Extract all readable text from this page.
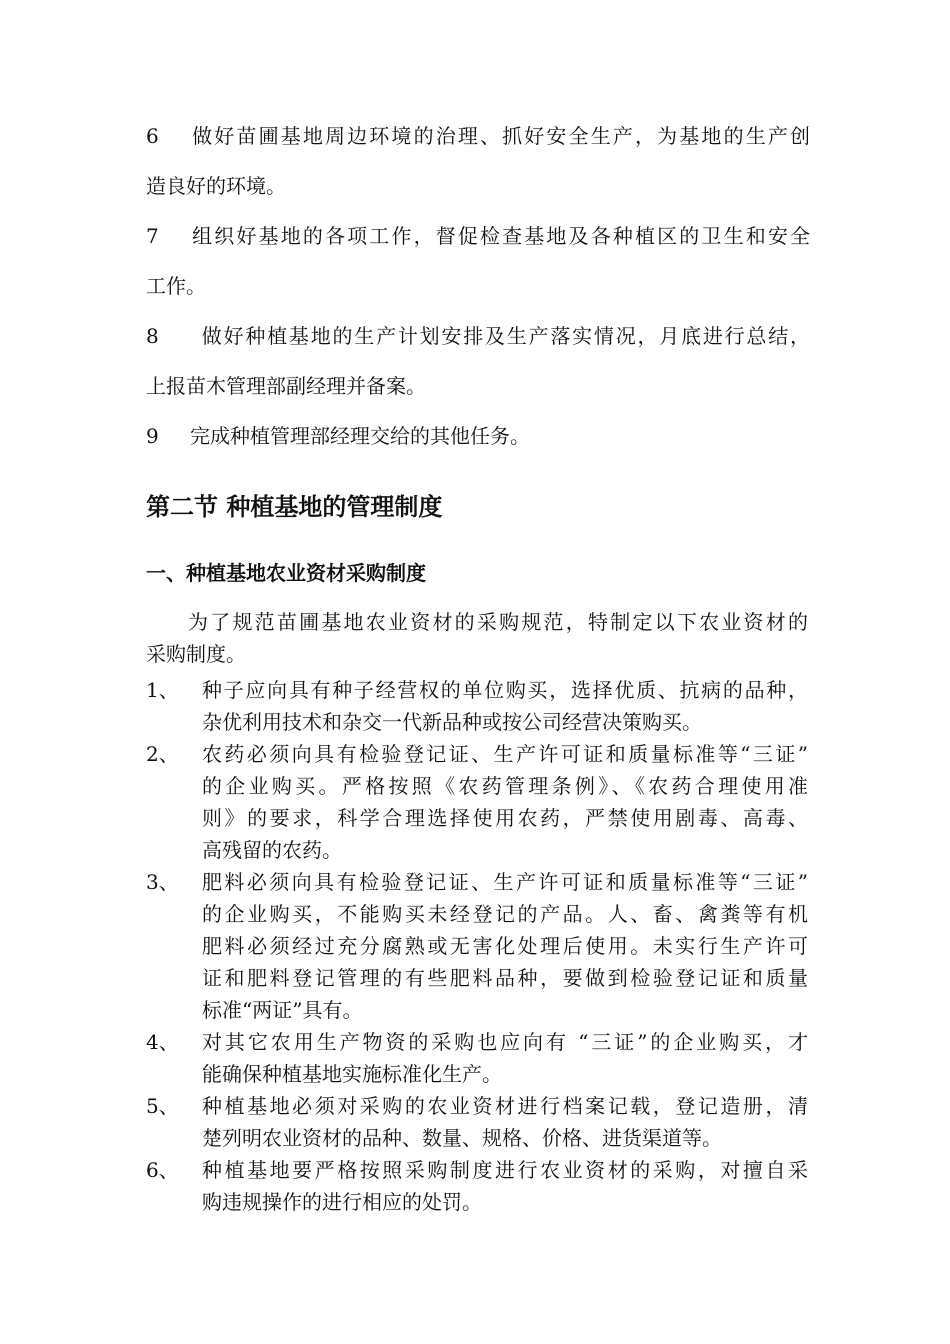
6 做好苗圃基地周边环境的治理、抓好安全生产，为基地的生产创
造良好的环境。
7 组织好基地的各项工作，督促检查基地及各种植区的卫生和安全
工作。
8 做好种植基地的生产计划安排及生产落实情况，月底进行总结，
上报苗木管理部副经理并备案。
9 完成种植管理部经理交给的其他任务。
第二节 种植基地的管理制度
一、种植基地农业资材采购制度
为了规范苗圃基地农业资材的采购规范，特制定以下农业资材的
采购制度。
1、 种子应向具有种子经营权的单位购买，选择优质、抗病的品种，
杂优利用技术和杂交一代新品种或按公司经营决策购买。
2、 农药必须向具有检验登记证、生产许可证和质量标准等“三证”
的企业购买。严格按照《农药管理条例》、《农药合理使用准
则》的要求，科学合理选择使用农药，严禁使用剧毒、高毒、
高残留的农药。
3、 肥料必须向具有检验登记证、生产许可证和质量标准等“三证”
的企业购买，不能购买未经登记的产品。人、畜、禽粪等有机
肥料必须经过充分腐熟或无害化处理后使用。未实行生产许可
证和肥料登记管理的有些肥料品种，要做到检验登记证和质量
标准“两证”具有。
4、 对其它农用生产物资的采购也应向有 “三证”的企业购买，才
能确保种植基地实施标准化生产。
5、 种植基地必须对采购的农业资材进行档案记载，登记造册，清
楚列明农业资材的品种、数量、规格、价格、进货渠道等。
6、 种植基地要严格按照采购制度进行农业资材的采购，对擅自采
购违规操作的进行相应的处罚。
